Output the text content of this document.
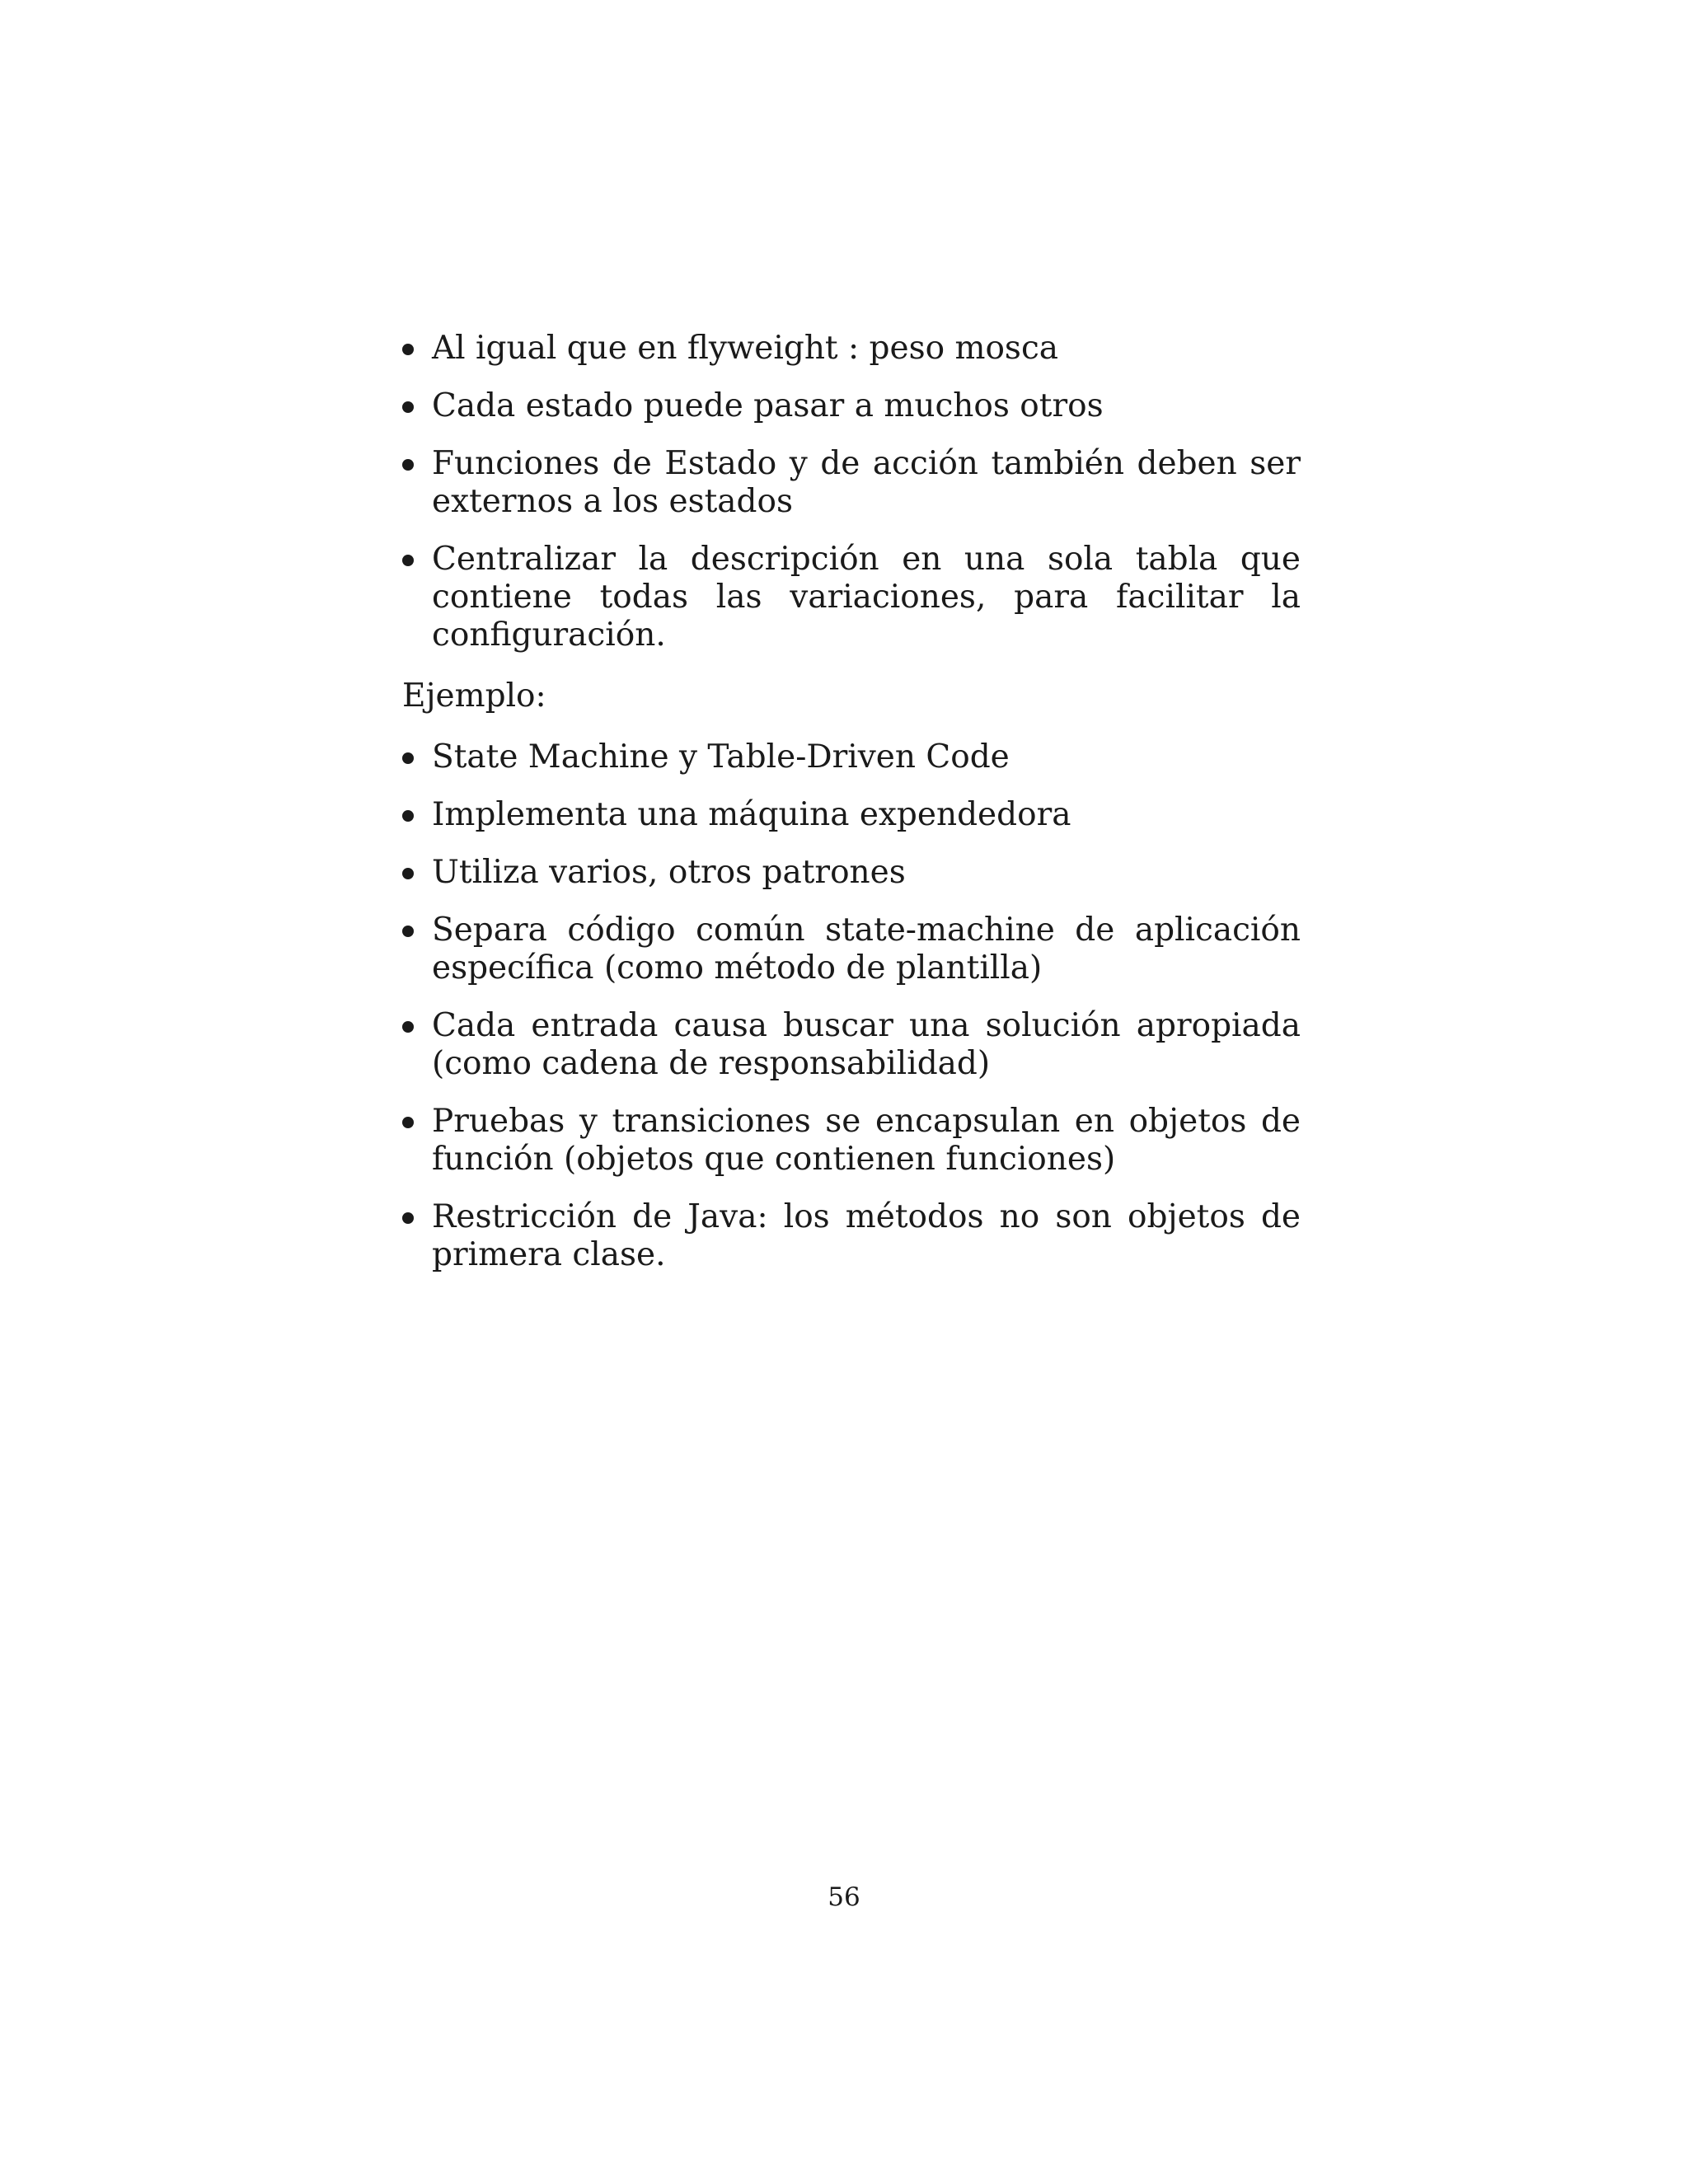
Al igual que en flyweight : peso mosca
Cada estado puede pasar a muchos otros
Funciones de Estado y de acción también deben ser externos a los estados
Centralizar la descripción en una sola tabla que contiene todas las variaciones, para facilitar la configuración.

Ejemplo:

State Machine y Table-Driven Code
Implementa una máquina expendedora
Utiliza varios, otros patrones
Separa código común state-machine de aplicación específica (como método de plantilla)
Cada entrada causa buscar una solución apropiada (como cadena de responsabilidad)
Pruebas y transiciones se encapsulan en objetos de función (objetos que contienen funciones)
Restricción de Java: los métodos no son objetos de primera clase.
56
